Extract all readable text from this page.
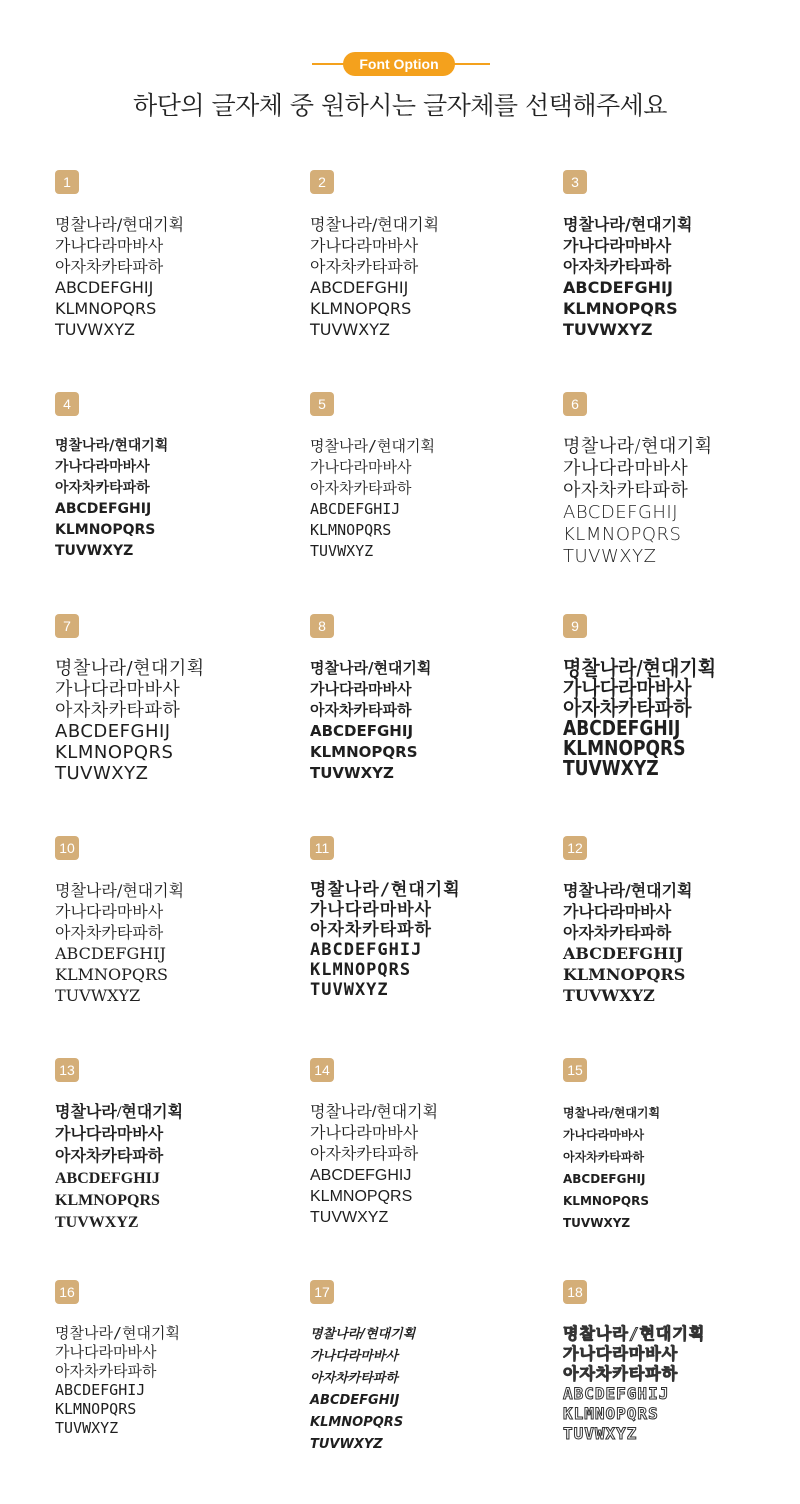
Font Option
하단의 글자체 중 원하시는 글자체를 선택해주세요
1
명찰나라/현대기획
가나다라마바사
아자차카타파하
ABCDEFGHIJ
KLMNOPQRS
TUVWXYZ
2
명찰나라/현대기획
가나다라마바사
아자차카타파하
ABCDEFGHIJ
KLMNOPQRS
TUVWXYZ
3
명찰나라/현대기획
가나다라마바사
아자차카타파하
ABCDEFGHIJ
KLMNOPQRS
TUVWXYZ
4
명찰나라/현대기획
가나다라마바사
아자차카타파하
ABCDEFGHIJ
KLMNOPQRS
TUVWXYZ
5
명찰나라/현대기획
가나다라마바사
아자차카타파하
ABCDEFGHIJ
KLMNOPQRS
TUVWXYZ
6
명찰나라/현대기획
가나다라마바사
아자차카타파하
ABCDEFGHIJ
KLMNOPQRS
TUVWXYZ
7
명찰나라/현대기획
가나다라마바사
아자차카타파하
ABCDEFGHIJ
KLMNOPQRS
TUVWXYZ
8
명찰나라/현대기획
가나다라마바사
아자차카타파하
ABCDEFGHIJ
KLMNOPQRS
TUVWXYZ
9
명찰나라/현대기획
가나다라마바사
아자차카타파하
ABCDEFGHIJ
KLMNOPQRS
TUVWXYZ
10
명찰나라/현대기획
가나다라마바사
아자차카타파하
ABCDEFGHIJ
KLMNOPQRS
TUVWXYZ
11
명찰나라/현대기획
가나다라마바사
아자차카타파하
ABCDEFGHIJ
KLMNOPQRS
TUVWXYZ
12
명찰나라/현대기획
가나다라마바사
아자차카타파하
ABCDEFGHIJ
KLMNOPQRS
TUVWXYZ
13
명찰나라/현대기획
가나다라마바사
아자차카타파하
ABCDEFGHIJ
KLMNOPQRS
TUVWXYZ
14
명찰나라/현대기획
가나다라마바사
아자차카타파하
ABCDEFGHIJ
KLMNOPQRS
TUVWXYZ
15
명찰나라/현대기획
가나다라마바사
아자차카타파하
ABCDEFGHIJ
KLMNOPQRS
TUVWXYZ
16
명찰나라/현대기획
가나다라마바사
아자차카타파하
ABCDEFGHIJ
KLMNOPQRS
TUVWXYZ
17
명찰나라/현대기획
가나다라마바사
아자차카타파하
ABCDEFGHIJ
KLMNOPQRS
TUVWXYZ
18
명찰나라/현대기획
가나다라마바사
아자차카타파하
ABCDEFGHIJ
KLMNOPQRS
TUVWXYZ
